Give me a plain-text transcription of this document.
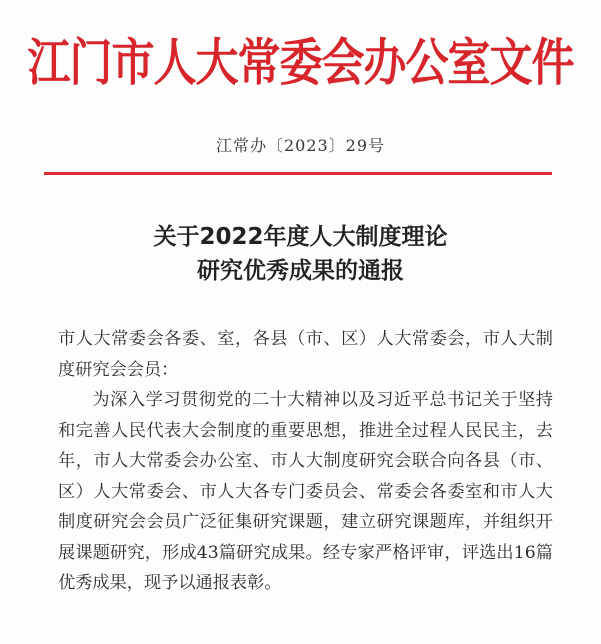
江门市人大常委会办公室文件
江常办〔2023〕29号
关于2022年度人大制度理论
研究优秀成果的通报

市人大常委会各委、室，各县（市、区）人大常委会，市人大制度研究会会员：

为深入学习贯彻党的二十大精神以及习近平总书记关于坚持和完善人民代表大会制度的重要思想，推进全过程人民民主，去年，市人大常委会办公室、市人大制度研究会联合向各县（市、区）人大常委会、市人大各专门委员会、常委会各委室和市人大制度研究会会员广泛征集研究课题，建立研究课题库，并组织开展课题研究，形成43篇研究成果。经专家严格评审，评选出16篇优秀成果，现予以通报表彰。
